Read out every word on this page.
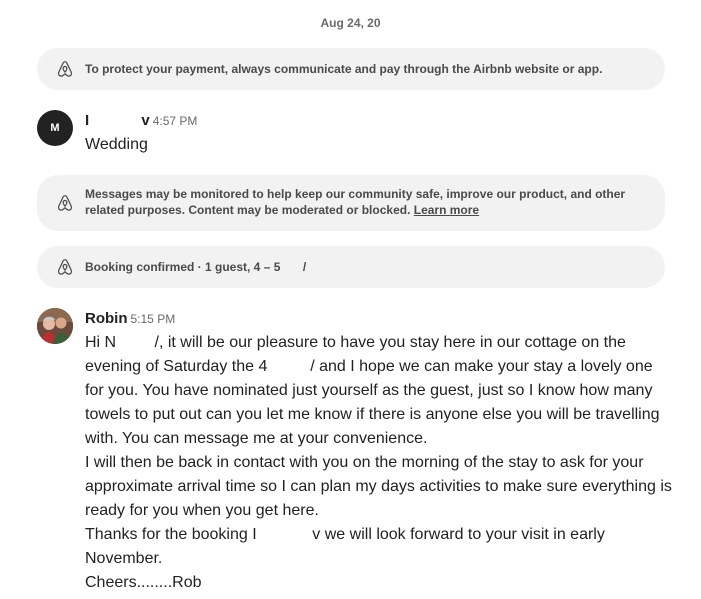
Aug 24, 20
To protect your payment, always communicate and pay through the Airbnb website or app.
M I     v 4:57 PM
Wedding
Messages may be monitored to help keep our community safe, improve our product, and other related purposes. Content may be moderated or blocked. Learn more
Booking confirmed · 1 guest, 4 – 5         /
Robin 5:15 PM
Hi N    /, it will be our pleasure to have you stay here in our cottage on the evening of Saturday the 4     / and I hope we can make your stay a lovely one for you. You have nominated just yourself as the guest, just so I know how many towels to put out can you let me know if there is anyone else you will be travelling with. You can message me at your convenience.
I will then be back in contact with you on the morning of the stay to ask for your approximate arrival time so I can plan my days activities to make sure everything is ready for you when you get here.
Thanks for the booking I     v we will look forward to your visit in early November.
Cheers........Rob
